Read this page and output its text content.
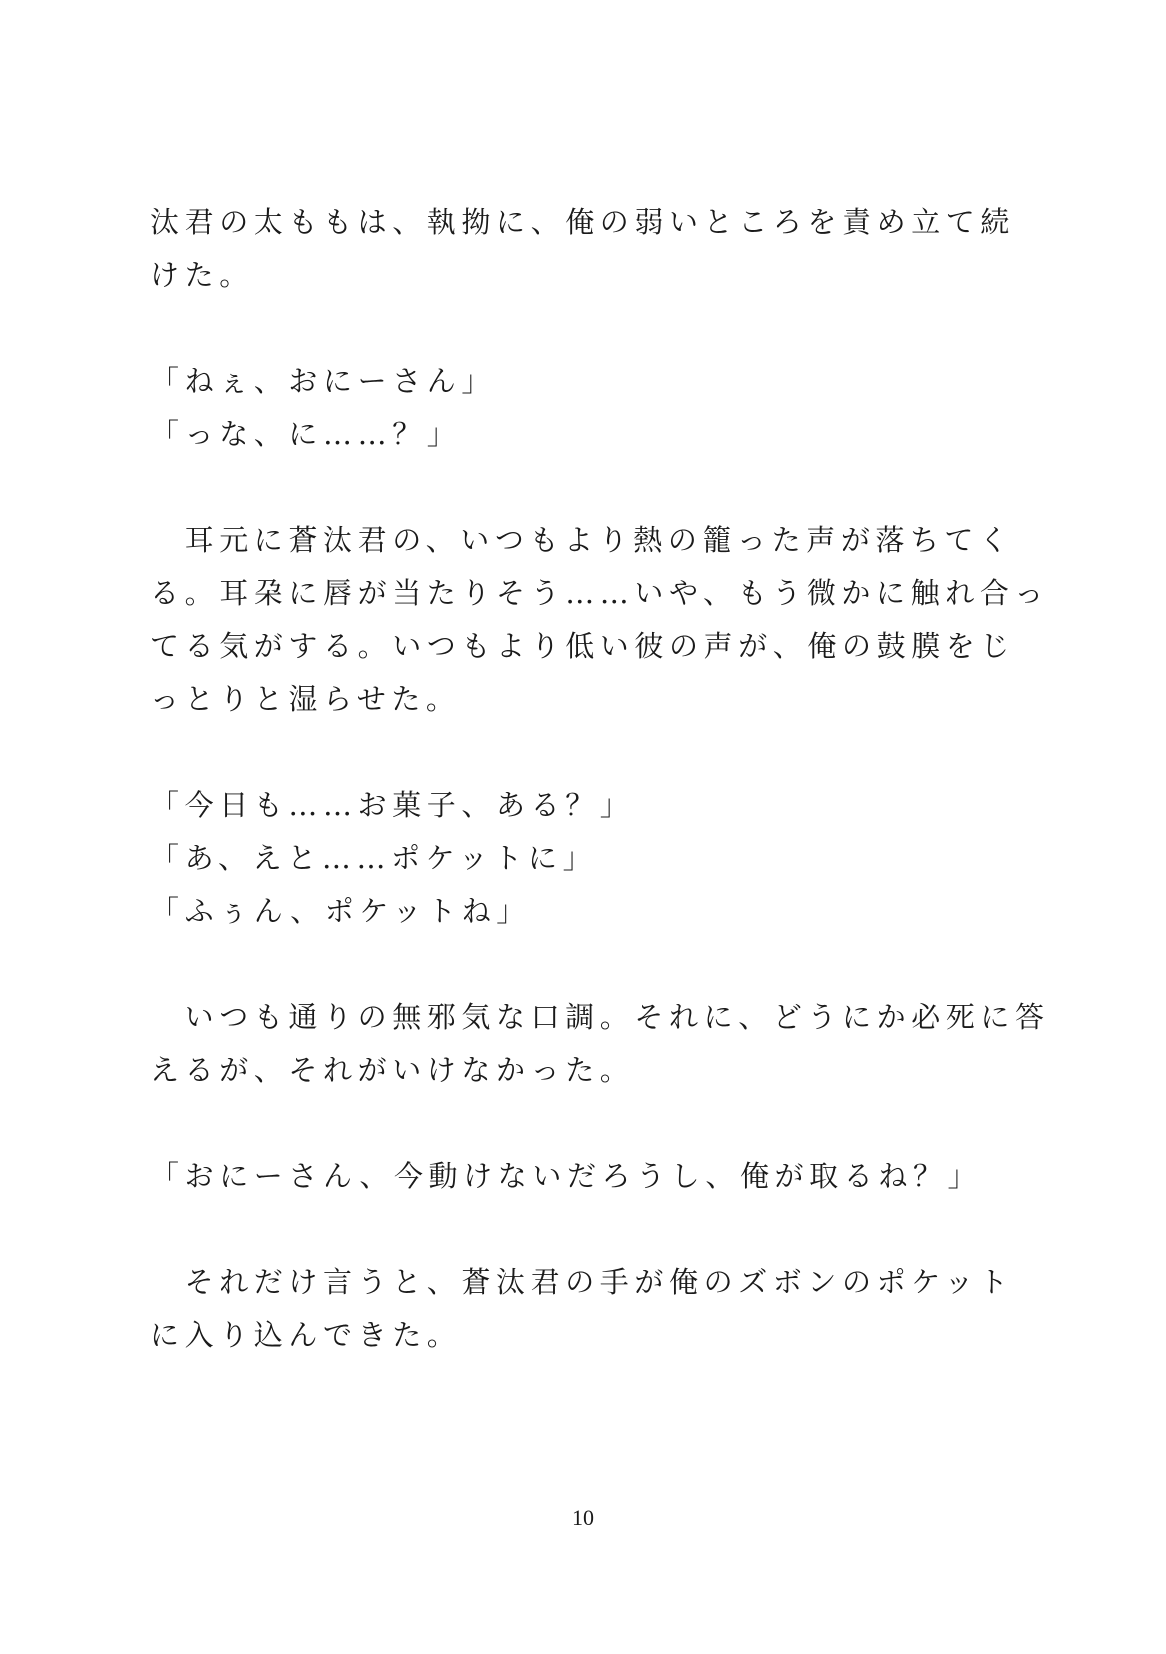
汰君の太ももは、執拗に、俺の弱いところを責め立て続
けた。
「ねぇ、おにーさん」
「っな、に……？」
　耳元に蒼汰君の、いつもより熱の籠った声が落ちてく
る。耳朶に唇が当たりそう……いや、もう微かに触れ合っ
てる気がする。いつもより低い彼の声が、俺の鼓膜をじ
っとりと湿らせた。
「今日も……お菓子、ある？」
「あ、えと……ポケットに」
「ふぅん、ポケットね」
　いつも通りの無邪気な口調。それに、どうにか必死に答
えるが、それがいけなかった。
「おにーさん、今動けないだろうし、俺が取るね？」
　それだけ言うと、蒼汰君の手が俺のズボンのポケット
に入り込んできた。
10
